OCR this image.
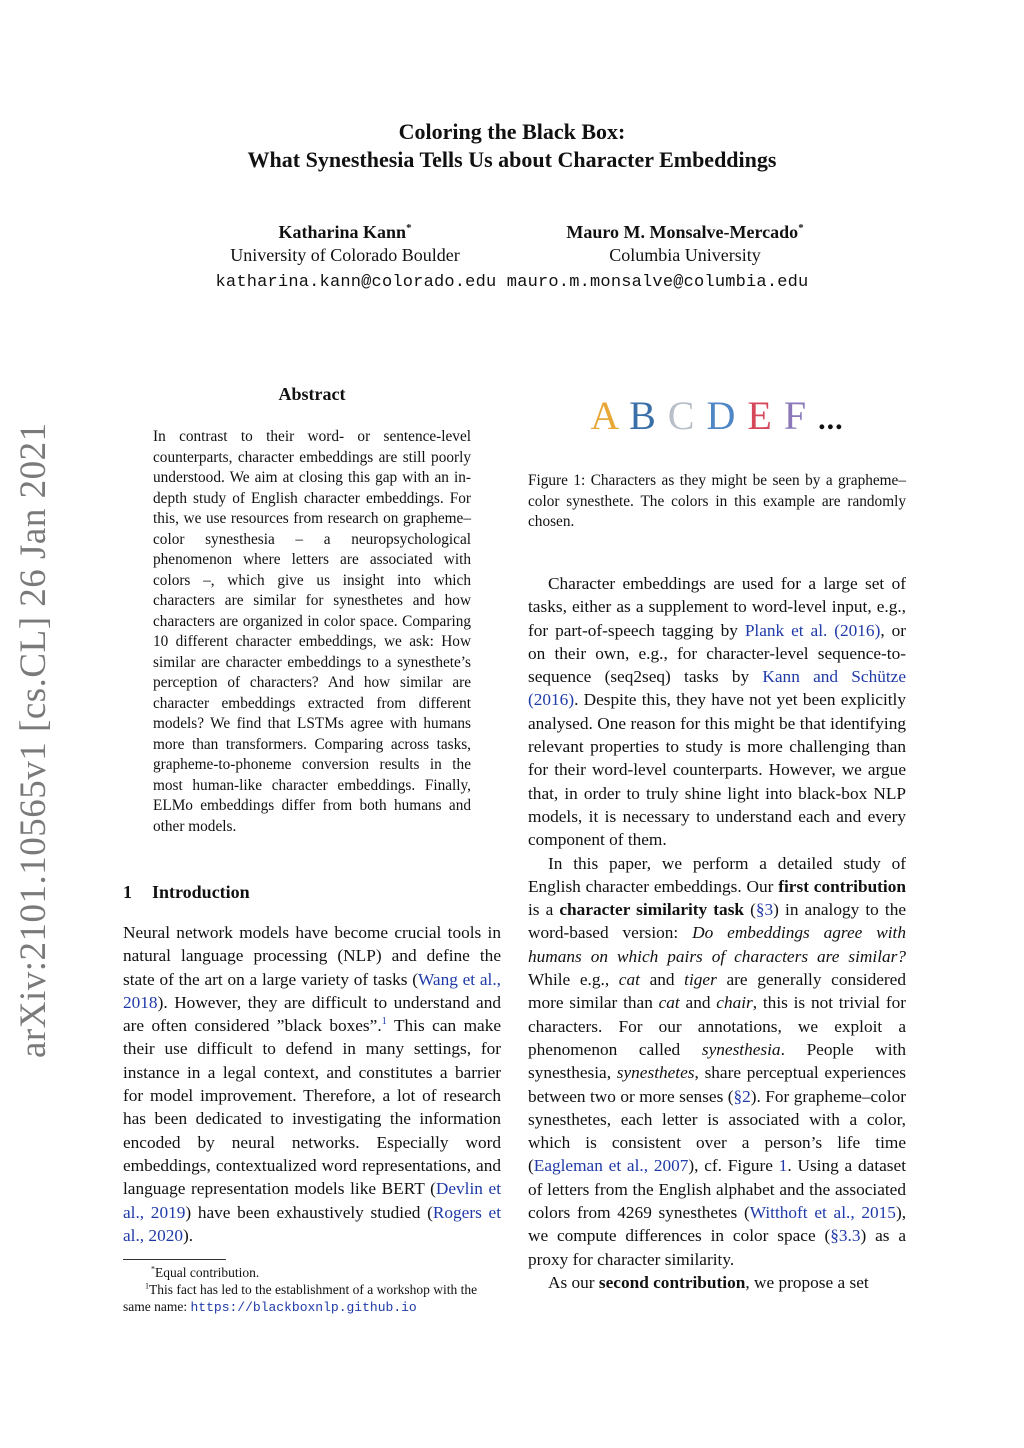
Coloring the Black Box:
What Synesthesia Tells Us about Character Embeddings
Katharina Kann*
University of Colorado Boulder
Mauro M. Monsalve-Mercado*
Columbia University
katharina.kann@colorado.edu mauro.m.monsalve@columbia.edu
arXiv:2101.10565v1 [cs.CL] 26 Jan 2021
Abstract
In contrast to their word- or sentence-level counterparts, character embeddings are still poorly understood. We aim at closing this gap with an in-depth study of English character embeddings. For this, we use resources from research on grapheme–color synesthesia – a neuropsychological phenomenon where letters are associated with colors –, which give us insight into which characters are similar for synesthetes and how characters are organized in color space. Comparing 10 different character embeddings, we ask: How similar are character embeddings to a synesthete’s perception of characters? And how similar are character embeddings extracted from different models? We find that LSTMs agree with humans more than transformers. Comparing across tasks, grapheme-to-phoneme conversion results in the most human-like character embeddings. Finally, ELMo embeddings differ from both humans and other models.
A B C D E F ...
Figure 1: Characters as they might be seen by a grapheme–color synesthete. The colors in this example are randomly chosen.
1 Introduction

Neural network models have become crucial tools in natural language processing (NLP) and define the state of the art on a large variety of tasks (Wang et al., 2018). However, they are difficult to understand and are often considered ”black boxes”.$^1$ This can make their use difficult to defend in many settings, for instance in a legal context, and constitutes a barrier for model improvement. Therefore, a lot of research has been dedicated to investigating the information encoded by neural networks. Especially word embeddings, contextualized word representations, and language representation models like BERT (Devlin et al., 2019) have been exhaustively studied (Rogers et al., 2020).

*Equal contribution.
$^1$This fact has led to the establishment of a workshop with the same name: https://blackboxnlp.github.io

Character embeddings are used for a large set of tasks, either as a supplement to word-level input, e.g., for part-of-speech tagging by Plank et al. (2016), or on their own, e.g., for character-level sequence-to-sequence (seq2seq) tasks by Kann and Schütze (2016). Despite this, they have not yet been explicitly analysed. One reason for this might be that identifying relevant properties to study is more challenging than for their word-level counterparts. However, we argue that, in order to truly shine light into black-box NLP models, it is necessary to understand each and every component of them.

In this paper, we perform a detailed study of English character embeddings. Our first contribution is a character similarity task (§3) in analogy to the word-based version: Do embeddings agree with humans on which pairs of characters are similar? While e.g., cat and tiger are generally considered more similar than cat and chair, this is not trivial for characters. For our annotations, we exploit a phenomenon called synesthesia. People with synesthesia, synesthetes, share perceptual experiences between two or more senses (§2). For grapheme–color synesthetes, each letter is associated with a color, which is consistent over a person’s life time (Eagleman et al., 2007), cf. Figure 1. Using a dataset of letters from the English alphabet and the associated colors from 4269 synesthetes (Witthoft et al., 2015), we compute differences in color space (§3.3) as a proxy for character similarity.

As our second contribution, we propose a set
